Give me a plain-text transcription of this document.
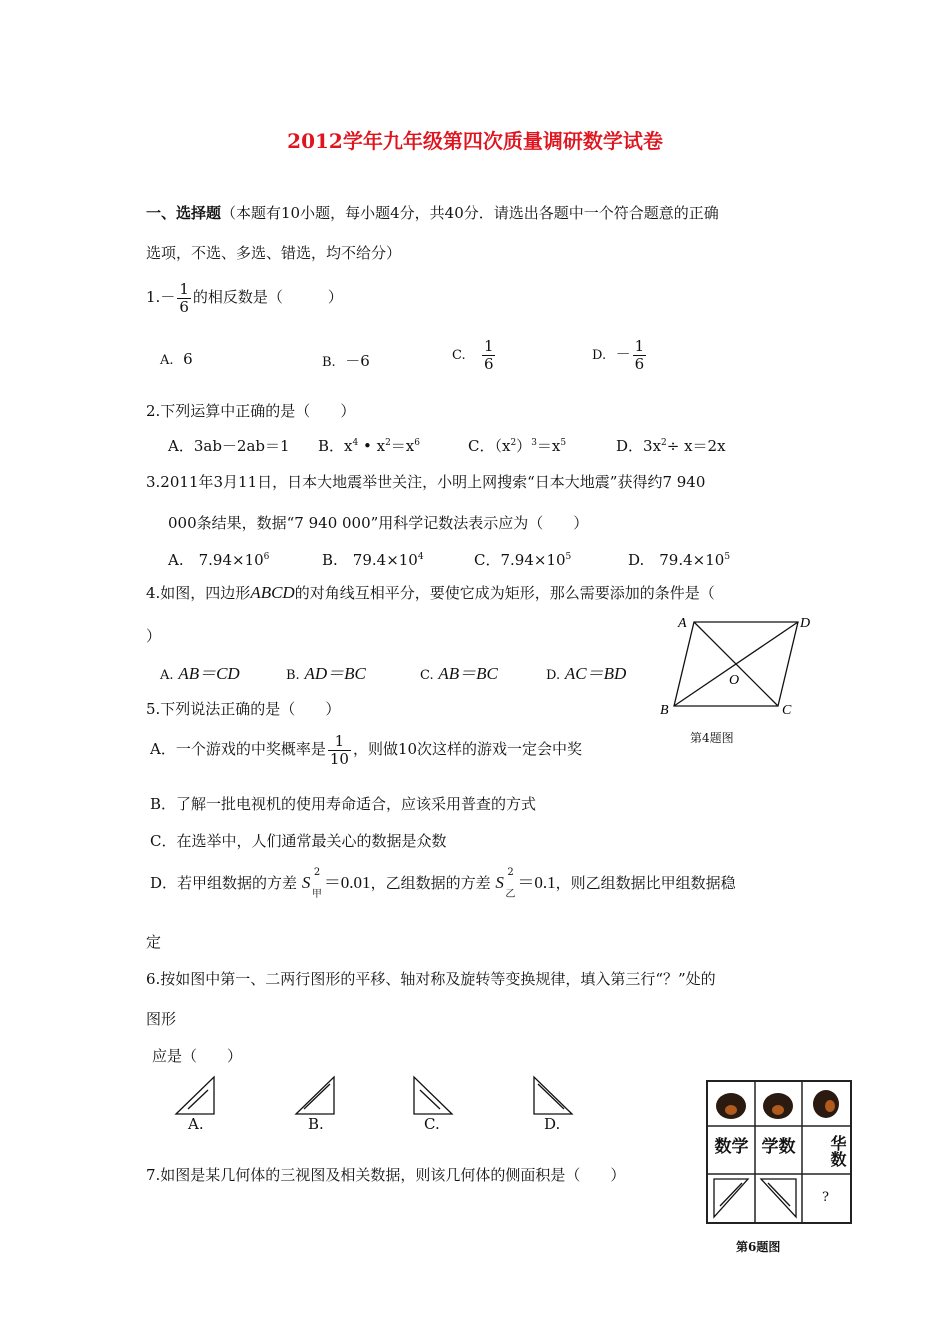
2012学年九年级第四次质量调研数学试卷
一、选择题（本题有10小题，每小题4分，共40分．请选出各题中一个符合题意的正确
选项，不选、多选、错选，均不给分）
$1.- \frac{1}{6}$ 的相反数是（　　　）
A. 6	B. －6	C. $\frac{1}{6}$	D. － $\frac{1}{6}$
2.下列运算中正确的是（　　）
A．3ab－2ab＝1 B．$x^4$ • $x^2=x^6$	C．$(x^2)^3=x^5$	D．$3x^2\div x=2x$
3.2011年3月11日，日本大地震举世关注，小明上网搜索“日本大地震”获得约7 940
000条结果，数据“7 940 000”用科学记数法表示应为（　　）
A.　$7.94\times 10^6$	B.　$79.4\times 10^4$	C．$7.94\times 10^5$	D.　$79.4\times 10^5$
4.如图，四边形ABCD的对角线互相平分，要使它成为矩形，那么需要添加的条件是（
）
A. AB＝CD	B. AD＝BC	C. AB＝BC	D. AC＝BD
A	D
B	C
O
第4题图
5.下列说法正确的是（　　）
A．一个游戏的中奖概率是 $\frac{1}{10}$ ，则做10次这样的游戏一定会中奖
B．了解一批电视机的使用寿命适合，应该采用普查的方式
C．在选举中，人们通常最关心的数据是众数
D．若甲组数据的方差 S
2
甲
＝0.01，乙组数据的方差 S
2
乙
＝0.1，则乙组数据比甲组数据稳
定
6.按如图中第一、二两行图形的平移、轴对称及旋转等变换规律，填入第三行“？”处的
图形
应是（　　）
A.	B.	C.	D.
数学 学数	华数
?
第6题图
7.如图是某几何体的三视图及相关数据，则该几何体的侧面积是（　　）
